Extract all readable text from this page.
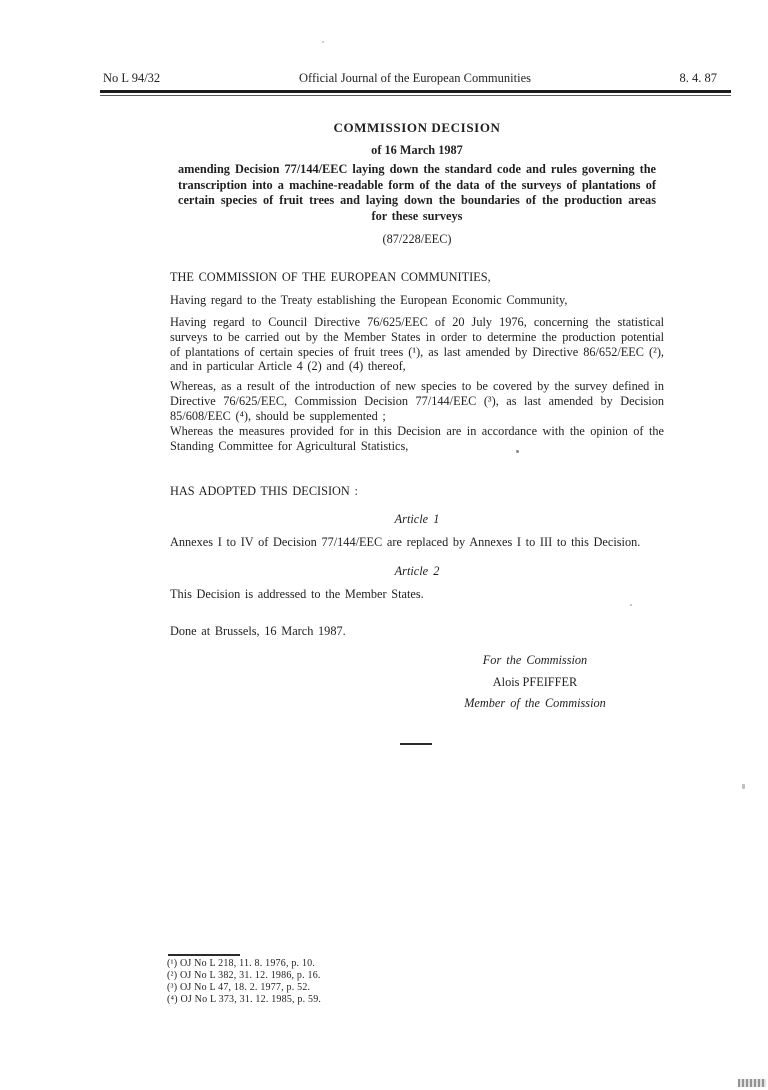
No L 94/32	Official Journal of the European Communities	8. 4. 87
COMMISSION DECISION
of 16 March 1987
amending Decision 77/144/EEC laying down the standard code and rules governing the transcription into a machine-readable form of the data of the surveys of plantations of certain species of fruit trees and laying down the boundaries of the production areas for these surveys
(87/228/EEC)
THE COMMISSION OF THE EUROPEAN COMMUNITIES,
Having regard to the Treaty establishing the European Economic Community,
Having regard to Council Directive 76/625/EEC of 20 July 1976, concerning the statistical surveys to be carried out by the Member States in order to determine the production potential of plantations of certain species of fruit trees (¹), as last amended by Directive 86/652/EEC (²), and in particular Article 4 (2) and (4) thereof,
Whereas, as a result of the introduction of new species to be covered by the survey defined in Directive 76/625/EEC, Commission Decision 77/144/EEC (³), as last amended by Decision 85/608/EEC (⁴), should be supplemented ;
Whereas the measures provided for in this Decision are in accordance with the opinion of the Standing Committee for Agricultural Statistics,
HAS ADOPTED THIS DECISION :
Article 1
Annexes I to IV of Decision 77/144/EEC are replaced by Annexes I to III to this Decision.
Article 2
This Decision is addressed to the Member States.
Done at Brussels, 16 March 1987.
For the Commission
Alois PFEIFFER
Member of the Commission
(¹) OJ No L 218, 11. 8. 1976, p. 10.
(²) OJ No L 382, 31. 12. 1986, p. 16.
(³) OJ No L 47, 18. 2. 1977, p. 52.
(⁴) OJ No L 373, 31. 12. 1985, p. 59.
